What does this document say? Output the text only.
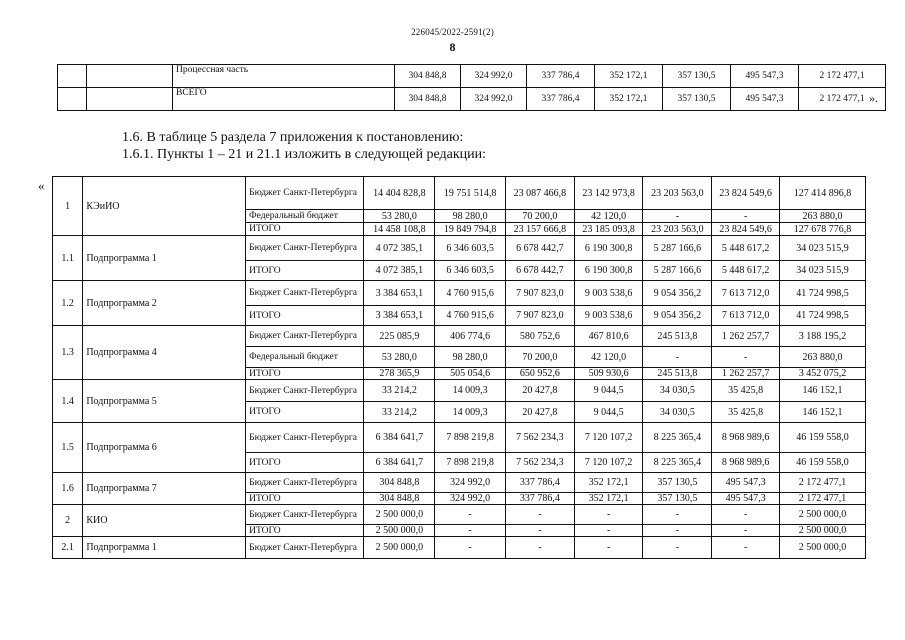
226045/2022-2591(2)
8
		Процессная часть	304 848,8	324 992,0	337 786,4	352 172,1	357 130,5	495 547,3	2 172 477,1
		ВСЕГО	304 848,8	324 992,0	337 786,4	352 172,1	357 130,5	495 547,3	2 172 477,1 ».
1.6. В таблице 5 раздела 7 приложения к постановлению:
1.6.1. Пункты 1 – 21 и 21.1 изложить в следующей редакции:
«
1	КЭиИО	Бюджет Санкт-Петербурга	14 404 828,8	19 751 514,8	23 087 466,8	23 142 973,8	23 203 563,0	23 824 549,6	127 414 896,8
		Федеральный бюджет	53 280,0	98 280,0	70 200,0	42 120,0	-	-	263 880,0
		ИТОГО	14 458 108,8	19 849 794,8	23 157 666,8	23 185 093,8	23 203 563,0	23 824 549,6	127 678 776,8
1.1	Подпрограмма 1	Бюджет Санкт-Петербурга	4 072 385,1	6 346 603,5	6 678 442,7	6 190 300,8	5 287 166,6	5 448 617,2	34 023 515,9
		ИТОГО	4 072 385,1	6 346 603,5	6 678 442,7	6 190 300,8	5 287 166,6	5 448 617,2	34 023 515,9
1.2	Подпрограмма 2	Бюджет Санкт-Петербурга	3 384 653,1	4 760 915,6	7 907 823,0	9 003 538,6	9 054 356,2	7 613 712,0	41 724 998,5
		ИТОГО	3 384 653,1	4 760 915,6	7 907 823,0	9 003 538,6	9 054 356,2	7 613 712,0	41 724 998,5
1.3	Подпрограмма 4	Бюджет Санкт-Петербурга	225 085,9	406 774,6	580 752,6	467 810,6	245 513,8	1 262 257,7	3 188 195,2
		Федеральный бюджет	53 280,0	98 280,0	70 200,0	42 120,0	-	-	263 880,0
		ИТОГО	278 365,9	505 054,6	650 952,6	509 930,6	245 513,8	1 262 257,7	3 452 075,2
1.4	Подпрограмма 5	Бюджет Санкт-Петербурга	33 214,2	14 009,3	20 427,8	9 044,5	34 030,5	35 425,8	146 152,1
		ИТОГО	33 214,2	14 009,3	20 427,8	9 044,5	34 030,5	35 425,8	146 152,1
1.5	Подпрограмма 6	Бюджет Санкт-Петербурга	6 384 641,7	7 898 219,8	7 562 234,3	7 120 107,2	8 225 365,4	8 968 989,6	46 159 558,0
		ИТОГО	6 384 641,7	7 898 219,8	7 562 234,3	7 120 107,2	8 225 365,4	8 968 989,6	46 159 558,0
1.6	Подпрограмма 7	Бюджет Санкт-Петербурга	304 848,8	324 992,0	337 786,4	352 172,1	357 130,5	495 547,3	2 172 477,1
		ИТОГО	304 848,8	324 992,0	337 786,4	352 172,1	357 130,5	495 547,3	2 172 477,1
2	КИО	Бюджет Санкт-Петербурга	2 500 000,0	-	-	-	-	-	2 500 000,0
		ИТОГО	2 500 000,0	-	-	-	-	-	2 500 000,0
2.1	Подпрограмма 1	Бюджет Санкт-Петербурга	2 500 000,0	-	-	-	-	-	2 500 000,0
